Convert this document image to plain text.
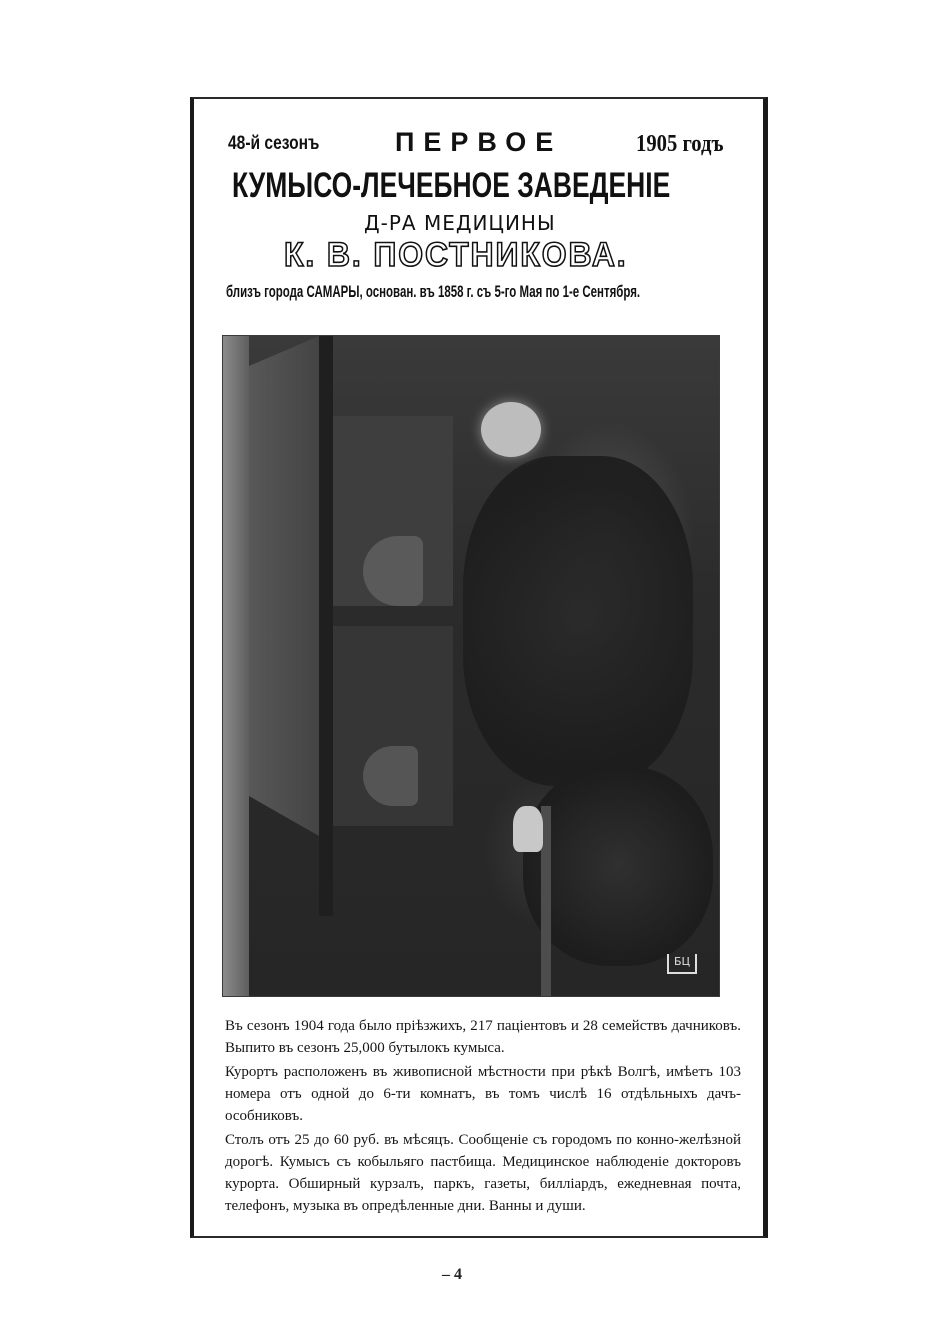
48-й сезонъ	ПЕРВОЕ	1905 годъ
КУМЫСО-ЛЕЧЕБНОЕ ЗАВЕДЕНІЕ
Д-РА МЕДИЦИНЫ
К. В. ПОСТНИКОВА.
близъ города САМАРЫ, основан. въ 1858 г. съ 5-го Мая по 1-е Сентября.
БЦ

Въ сезонъ 1904 года было пріѣзжихъ, 217 паціентовъ и 28 семействъ дачниковъ. Выпито въ сезонъ 25,000 бутылокъ кумыса.

Курортъ расположенъ въ живописной мѣстности при рѣкѣ Волгѣ, имѣетъ 103 номера отъ одной до 6-ти комнатъ, въ томъ числѣ 16 отдѣльныхъ дачъ-особниковъ.

Столъ отъ 25 до 60 руб. въ мѣсяцъ. Сообщеніе съ городомъ по конно-желѣзной дорогѣ. Кумысъ съ кобыльяго пастбища. Медицинское наблюденіе докторовъ курорта. Обширный курзалъ, паркъ, газеты, билліардъ, ежедневная почта, телефонъ, музыка въ опредѣленные дни. Ванны и души.

– 4
